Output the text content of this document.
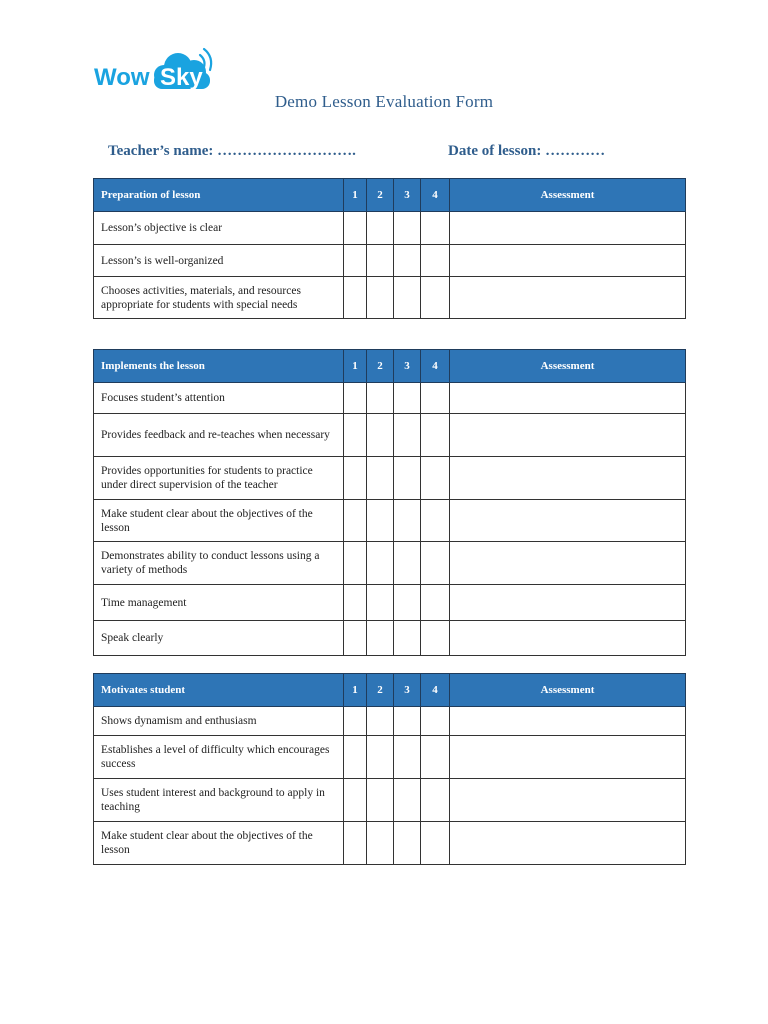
Wow Sky
Demo Lesson Evaluation Form
Teacher’s name: ……………………….	Date of lesson: …………
Preparation of lesson	1	2	3	4	Assessment
Lesson’s objective is clear					
Lesson’s is well-organized					
Chooses activities, materials, and resources appropriate for students with special needs					
Implements the lesson	1	2	3	4	Assessment
Focuses student’s attention					
Provides feedback and re-teaches when necessary					
Provides opportunities for students to practice under direct supervision of the teacher					
Make student clear about the objectives of the lesson					
Demonstrates ability to conduct lessons using a variety of methods					
Time management					
Speak clearly					
Motivates student	1	2	3	4	Assessment
Shows dynamism and enthusiasm					
Establishes a level of difficulty which encourages success					
Uses student interest and background to apply in teaching					
Make student clear about the objectives of the lesson					
